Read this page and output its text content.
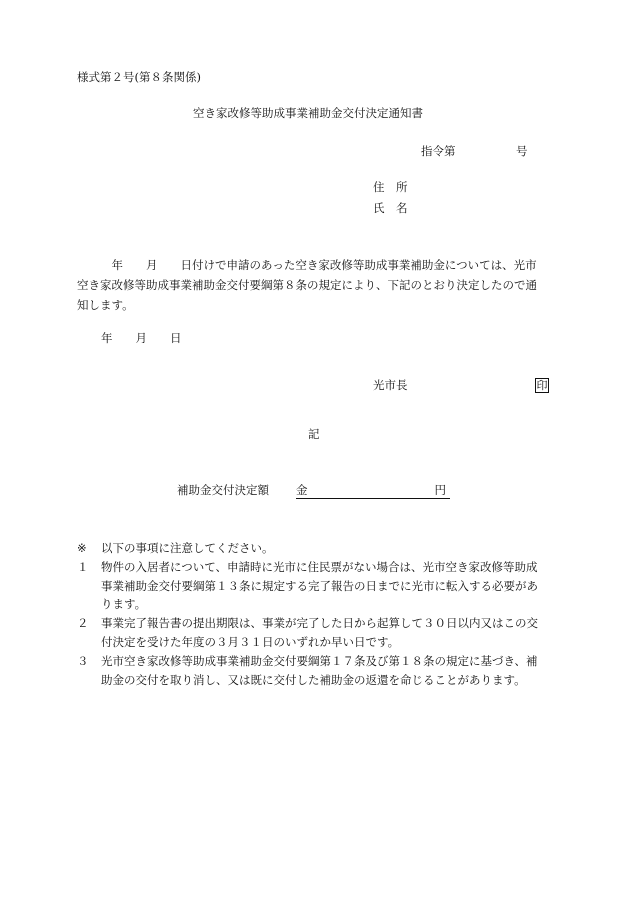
様式第２号(第８条関係)
空き家改修等助成事業補助金交付決定通知書
指令第	号
住　所
氏　名
　　　年　　月　　日付けで申請のあった空き家改修等助成事業補助金については、光市
空き家改修等助成事業補助金交付要綱第８条の規定により、下記のとおり決定したので通
知します。
年　　月　　日
光市長	印
記
補助金交付決定額 金	円
※	以下の事項に注意してください。
１	物件の入居者について、申請時に光市に住民票がない場合は、光市空き家改修等助成
事業補助金交付要綱第１３条に規定する完了報告の日までに光市に転入する必要があ
ります。
２	事業完了報告書の提出期限は、事業が完了した日から起算して３０日以内又はこの交
付決定を受けた年度の３月３１日のいずれか早い日です。
３	光市空き家改修等助成事業補助金交付要綱第１７条及び第１８条の規定に基づき、補
助金の交付を取り消し、又は既に交付した補助金の返還を命じることがあります。
